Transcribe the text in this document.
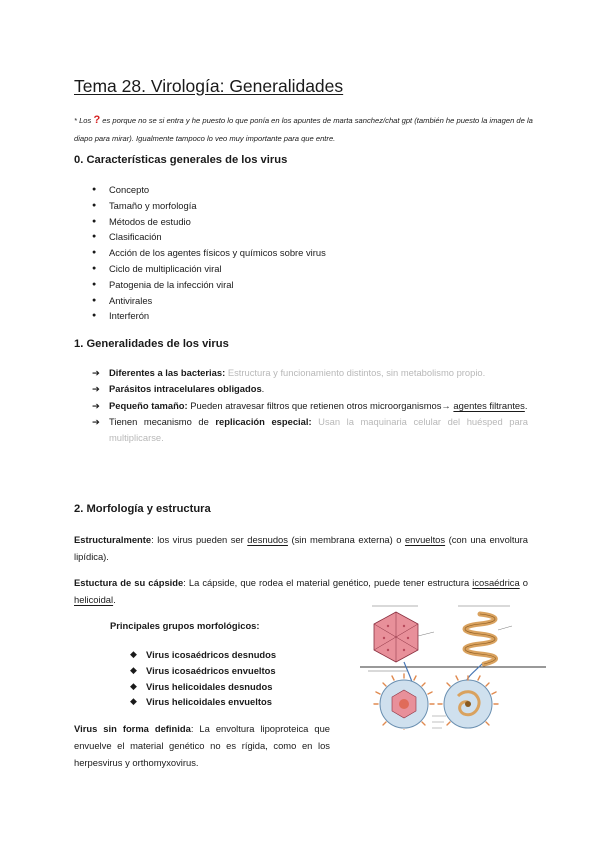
Tema 28. Virología: Generalidades

* Los ? es porque no se si entra y he puesto lo que ponía en los apuntes de marta sanchez/chat gpt (también he puesto la imagen de la diapo para mirar). Igualmente tampoco lo veo muy importante para que entre.

0. Características generales de los virus
● Concepto
● Tamaño y morfología
● Métodos de estudio
● Clasificación
● Acción de los agentes físicos y químicos sobre virus
● Ciclo de multiplicación viral
● Patogenia de la infección viral
● Antivirales
● Interferón
1. Generalidades de los virus
➔ Diferentes a las bacterias: Estructura y funcionamiento distintos, sin metabolismo propio.
➔ Parásitos intracelulares obligados.
➔ Pequeño tamaño: Pueden atravesar filtros que retienen otros microorganismos→ agentes filtrantes.
➔ Tienen mecanismo de replicación especial: Usan la maquinaria celular del huésped para multiplicarse.
2. Morfología y estructura

Estructuralmente: los virus pueden ser desnudos (sin membrana externa) o envueltos (con una envoltura lipídica).

Estuctura de su cápside: La cápside, que rodea el material genético, puede tener estructura icosaédrica o helicoidal.

Principales grupos morfológicos:
◆ Virus icosaédricos desnudos
◆ Virus icosaédricos envueltos
◆ Virus helicoidales desnudos
◆ Virus helicoidales envueltos

Virus sin forma definida: La envoltura lipoproteica que envuelve el material genético no es rígida, como en los herpesvirus y orthomyxovirus.
